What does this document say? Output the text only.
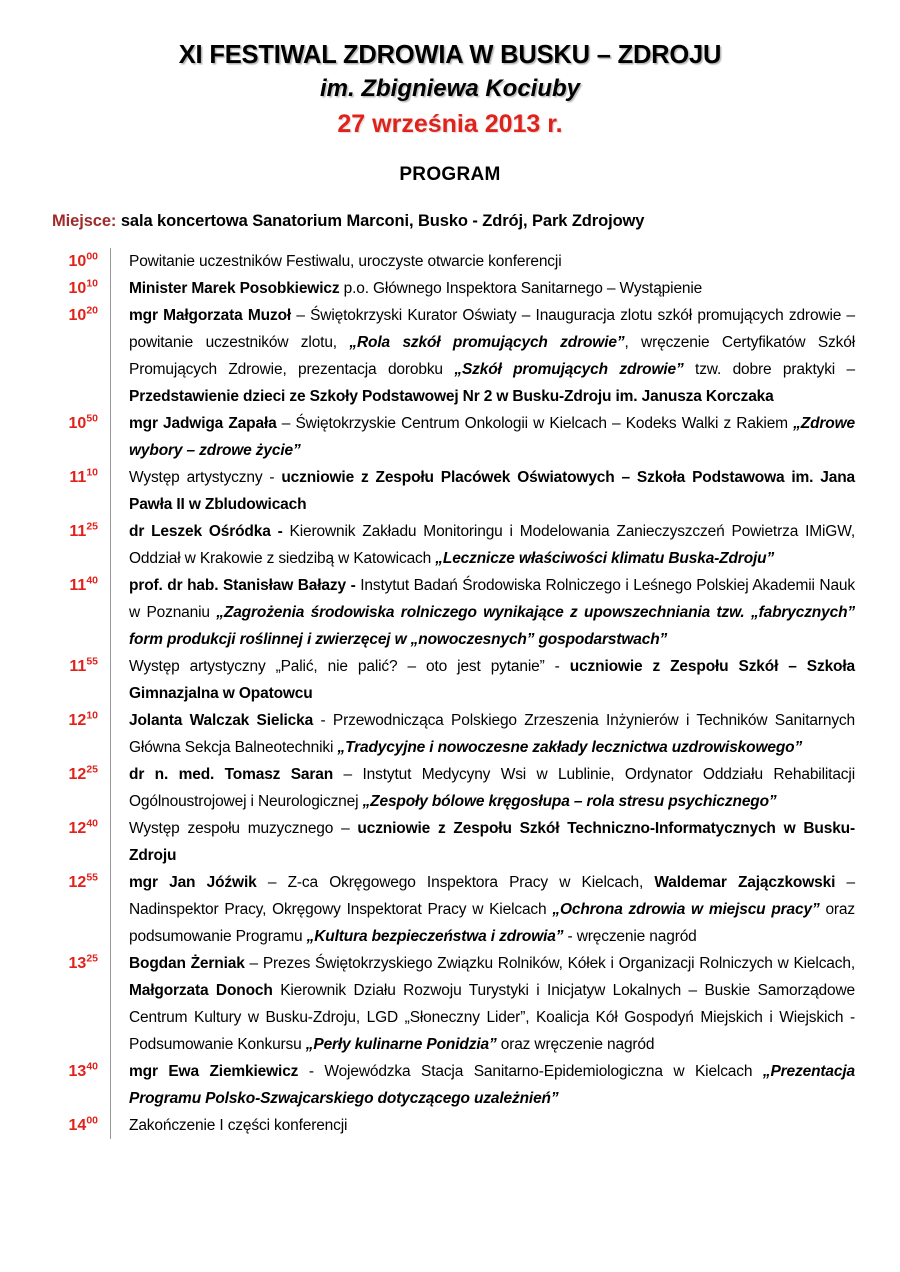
XI FESTIWAL ZDROWIA W BUSKU – ZDROJU
im. Zbigniewa Kociuby
27 września 2013 r.
PROGRAM
Miejsce: sala koncertowa Sanatorium Marconi, Busko - Zdrój, Park Zdrojowy
$10^{00}$	Powitanie uczestników Festiwalu, uroczyste otwarcie konferencji
$10^{10}$	Minister Marek Posobkiewicz p.o. Głównego Inspektora Sanitarnego – Wystąpienie
$10^{20}$	mgr Małgorzata Muzoł – Świętokrzyski Kurator Oświaty – Inauguracja zlotu szkół promujących zdrowie – powitanie uczestników zlotu, „Rola szkół promujących zdrowie”, wręczenie Certyfikatów Szkół Promujących Zdrowie, prezentacja dorobku „Szkół promujących zdrowie” tzw. dobre praktyki – Przedstawienie dzieci ze Szkoły Podstawowej Nr 2 w Busku-Zdroju im. Janusza Korczaka
$10^{50}$	mgr Jadwiga Zapała – Świętokrzyskie Centrum Onkologii w Kielcach – Kodeks Walki z Rakiem „Zdrowe wybory – zdrowe życie”
$11^{10}$	Występ artystyczny - uczniowie z Zespołu Placówek Oświatowych – Szkoła Podstawowa im. Jana Pawła II w Zbludowicach
$11^{25}$	dr Leszek Ośródka - Kierownik Zakładu Monitoringu i Modelowania Zanieczyszczeń Powietrza IMiGW, Oddział w Krakowie z siedzibą w Katowicach „Lecznicze właściwości klimatu Buska-Zdroju”
$11^{40}$	prof. dr hab. Stanisław Bałazy - Instytut Badań Środowiska Rolniczego i Leśnego Polskiej Akademii Nauk w Poznaniu „Zagrożenia środowiska rolniczego wynikające z upowszechniania tzw. „fabrycznych” form produkcji roślinnej i zwierzęcej w „nowoczesnych” gospodarstwach”
$11^{55}$	Występ artystyczny „Palić, nie palić? – oto jest pytanie” - uczniowie z Zespołu Szkół – Szkoła Gimnazjalna w Opatowcu
$12^{10}$	Jolanta Walczak Sielicka - Przewodnicząca Polskiego Zrzeszenia Inżynierów i Techników Sanitarnych Główna Sekcja Balneotechniki „Tradycyjne i nowoczesne zakłady lecznictwa uzdrowiskowego”
$12^{25}$	dr n. med. Tomasz Saran – Instytut Medycyny Wsi w Lublinie, Ordynator Oddziału Rehabilitacji Ogólnoustrojowej i Neurologicznej „Zespoły bólowe kręgosłupa – rola stresu psychicznego”
$12^{40}$	Występ zespołu muzycznego – uczniowie z Zespołu Szkół Techniczno-Informatycznych w Busku-Zdroju
$12^{55}$	mgr Jan Jóźwik – Z-ca Okręgowego Inspektora Pracy w Kielcach, Waldemar Zajączkowski – Nadinspektor Pracy, Okręgowy Inspektorat Pracy w Kielcach „Ochrona zdrowia w miejscu pracy” oraz podsumowanie Programu „Kultura bezpieczeństwa i zdrowia” - wręczenie nagród
$13^{25}$	Bogdan Żerniak – Prezes Świętokrzyskiego Związku Rolników, Kółek i Organizacji Rolniczych w Kielcach, Małgorzata Donoch Kierownik Działu Rozwoju Turystyki i Inicjatyw Lokalnych – Buskie Samorządowe Centrum Kultury w Busku-Zdroju, LGD „Słoneczny Lider”, Koalicja Kół Gospodyń Miejskich i Wiejskich - Podsumowanie Konkursu „Perły kulinarne Ponidzia” oraz wręczenie nagród
$13^{40}$	mgr Ewa Ziemkiewicz - Wojewódzka Stacja Sanitarno-Epidemiologiczna w Kielcach „Prezentacja Programu Polsko-Szwajcarskiego dotyczącego uzależnień”
$14^{00}$	Zakończenie I części konferencji
